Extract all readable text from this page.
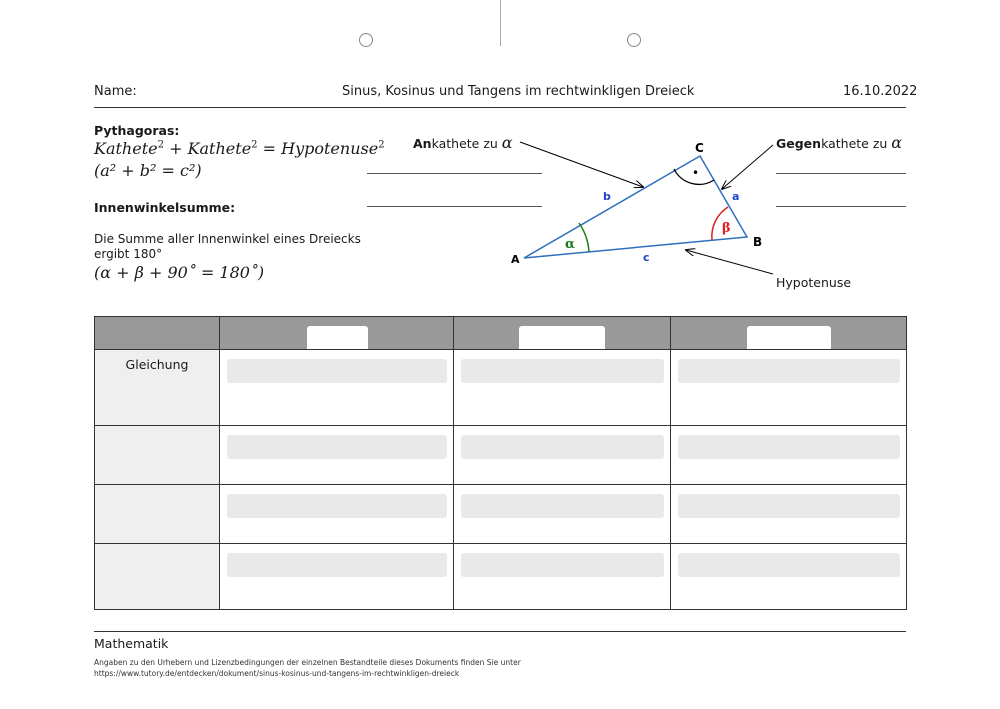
Name:	Sinus, Kosinus und Tangens im rechtwinkligen Dreieck	16.10.2022
Pythagoras:
Kathete$^2$ + Kathete$^2$ = Hypotenuse$^2$
(a² + b² = c²)
Innenwinkelsumme:
Die Summe aller Innenwinkel eines Dreiecks ergibt 180°
(α + β + 90˚ = 180˚)
Ankathete zu α	Gegenkathete zu α
Hypotenuse
•
A
B
C
a
b
c
α
β

Gleichung			

Mathematik
Angaben zu den Urhebern und Lizenzbedingungen der einzelnen Bestandteile dieses Dokuments finden Sie unter
https://www.tutory.de/entdecken/dokument/sinus-kosinus-und-tangens-im-rechtwinkligen-dreieck
